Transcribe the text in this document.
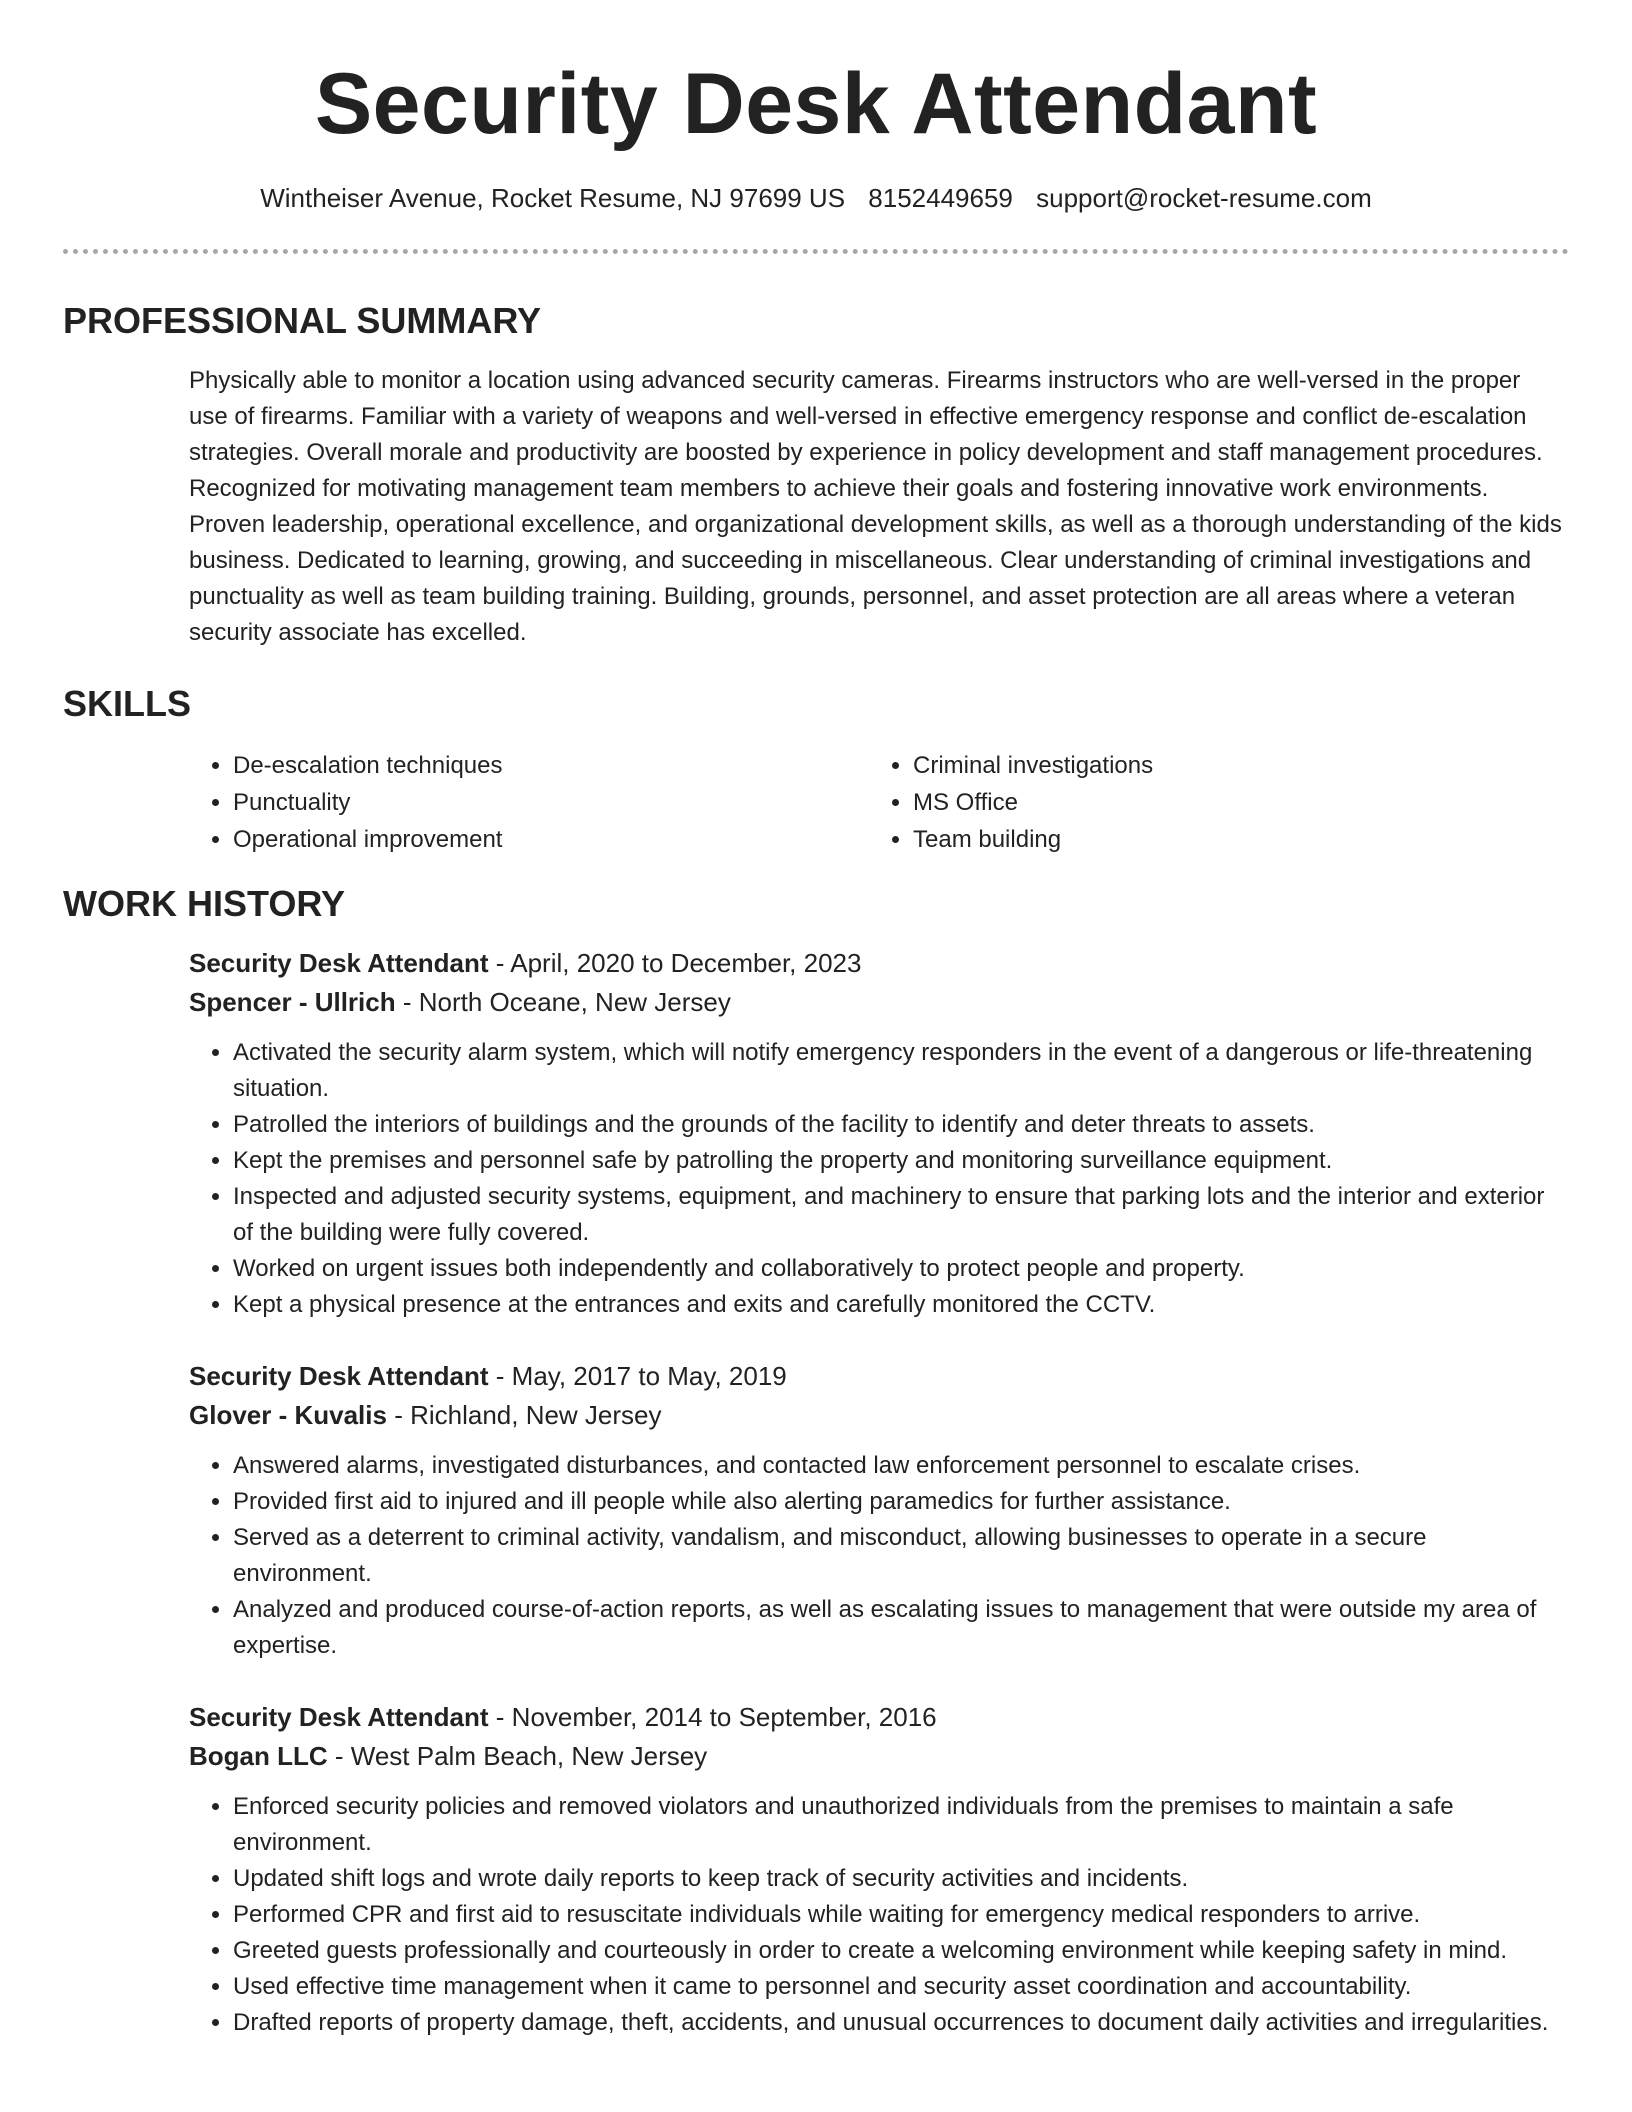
Security Desk Attendant
Wintheiser Avenue, Rocket Resume, NJ 97699 US 8152449659 support@rocket-resume.com
PROFESSIONAL SUMMARY

Physically able to monitor a location using advanced security cameras. Firearms instructors who are well-versed in the proper use of firearms. Familiar with a variety of weapons and well-versed in effective emergency response and conflict de-escalation strategies. Overall morale and productivity are boosted by experience in policy development and staff management procedures. Recognized for motivating management team members to achieve their goals and fostering innovative work environments. Proven leadership, operational excellence, and organizational development skills, as well as a thorough understanding of the kids business. Dedicated to learning, growing, and succeeding in miscellaneous. Clear understanding of criminal investigations and punctuality as well as team building training. Building, grounds, personnel, and asset protection are all areas where a veteran security associate has excelled.

SKILLS
• De-escalation techniques
• Punctuality
• Operational improvement
• Criminal investigations
• MS Office
• Team building
WORK HISTORY

Security Desk Attendant - April, 2020 to December, 2023

Spencer - Ullrich - North Oceane, New Jersey

• Activated the security alarm system, which will notify emergency responders in the event of a dangerous or life-threatening situation.
• Patrolled the interiors of buildings and the grounds of the facility to identify and deter threats to assets.
• Kept the premises and personnel safe by patrolling the property and monitoring surveillance equipment.
• Inspected and adjusted security systems, equipment, and machinery to ensure that parking lots and the interior and exterior of the building were fully covered.
• Worked on urgent issues both independently and collaboratively to protect people and property.
• Kept a physical presence at the entrances and exits and carefully monitored the CCTV.

Security Desk Attendant - May, 2017 to May, 2019

Glover - Kuvalis - Richland, New Jersey

• Answered alarms, investigated disturbances, and contacted law enforcement personnel to escalate crises.
• Provided first aid to injured and ill people while also alerting paramedics for further assistance.
• Served as a deterrent to criminal activity, vandalism, and misconduct, allowing businesses to operate in a secure environment.
• Analyzed and produced course-of-action reports, as well as escalating issues to management that were outside my area of expertise.

Security Desk Attendant - November, 2014 to September, 2016

Bogan LLC - West Palm Beach, New Jersey

• Enforced security policies and removed violators and unauthorized individuals from the premises to maintain a safe environment.
• Updated shift logs and wrote daily reports to keep track of security activities and incidents.
• Performed CPR and first aid to resuscitate individuals while waiting for emergency medical responders to arrive.
• Greeted guests professionally and courteously in order to create a welcoming environment while keeping safety in mind.
• Used effective time management when it came to personnel and security asset coordination and accountability.
• Drafted reports of property damage, theft, accidents, and unusual occurrences to document daily activities and irregularities.
